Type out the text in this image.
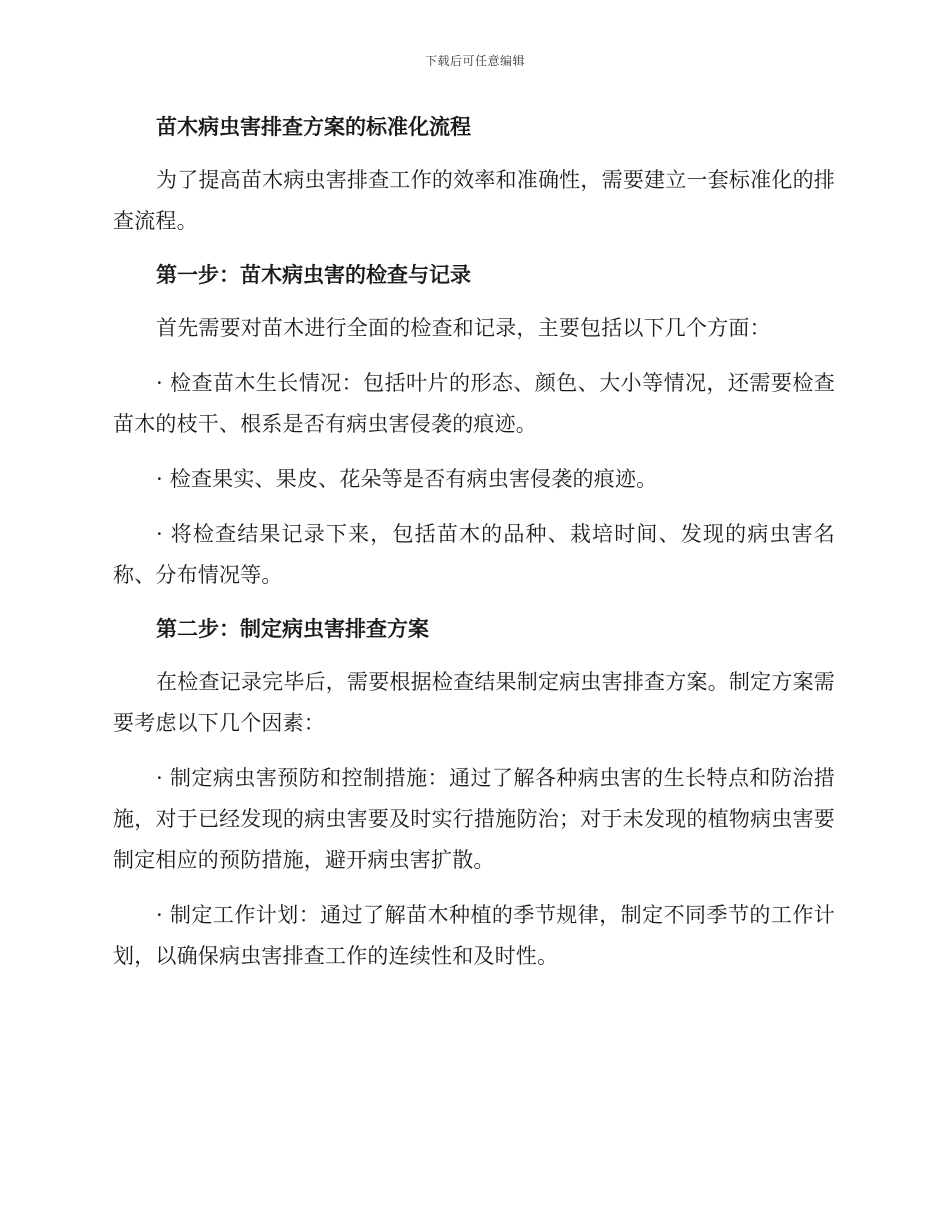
下载后可任意编辑

苗木病虫害排查方案的标准化流程

为了提高苗木病虫害排查工作的效率和准确性，需要建立一套标准化的排查流程。

第一步：苗木病虫害的检查与记录

首先需要对苗木进行全面的检查和记录，主要包括以下几个方面：

· 检查苗木生长情况：包括叶片的形态、颜色、大小等情况，还需要检查苗木的枝干、根系是否有病虫害侵袭的痕迹。

· 检查果实、果皮、花朵等是否有病虫害侵袭的痕迹。

· 将检查结果记录下来，包括苗木的品种、栽培时间、发现的病虫害名称、分布情况等。

第二步：制定病虫害排查方案

在检查记录完毕后，需要根据检查结果制定病虫害排查方案。制定方案需要考虑以下几个因素：

· 制定病虫害预防和控制措施：通过了解各种病虫害的生长特点和防治措施，对于已经发现的病虫害要及时实行措施防治；对于未发现的植物病虫害要制定相应的预防措施，避开病虫害扩散。

· 制定工作计划：通过了解苗木种植的季节规律，制定不同季节的工作计划，以确保病虫害排查工作的连续性和及时性。
